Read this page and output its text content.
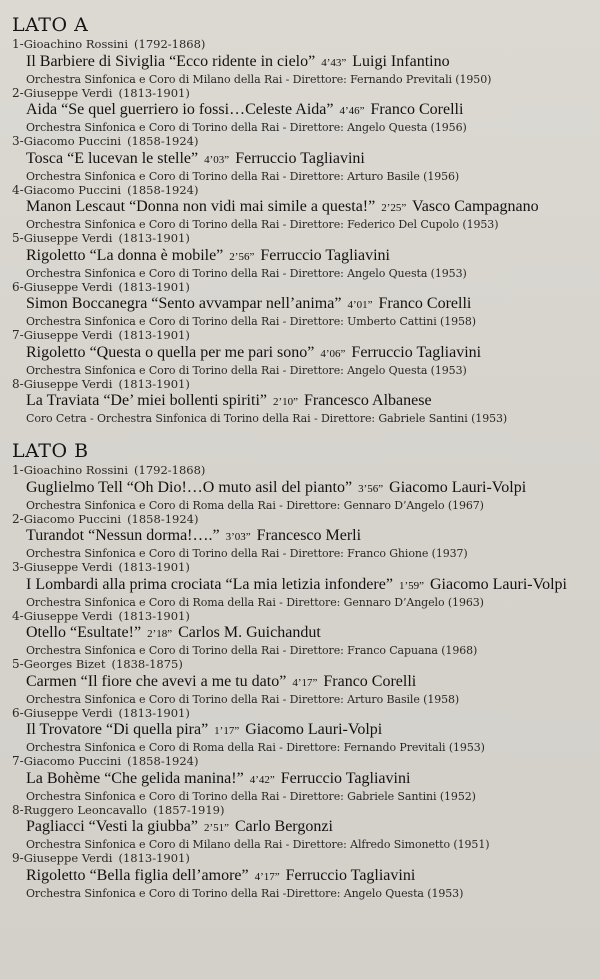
LATO A
1-Gioachino Rossini (1792-1868)
Il Barbiere di Siviglia “Ecco ridente in cielo” 4’43” Luigi Infantino
Orchestra Sinfonica e Coro di Milano della Rai - Direttore: Fernando Previtali (1950)
2-Giuseppe Verdi (1813-1901)
Aida “Se quel guerriero io fossi…Celeste Aida” 4’46” Franco Corelli
Orchestra Sinfonica e Coro di Torino della Rai - Direttore: Angelo Questa (1956)
3-Giacomo Puccini (1858-1924)
Tosca “E lucevan le stelle” 4’03” Ferruccio Tagliavini
Orchestra Sinfonica e Coro di Torino della Rai - Direttore: Arturo Basile (1956)
4-Giacomo Puccini (1858-1924)
Manon Lescaut “Donna non vidi mai simile a questa!” 2’25” Vasco Campagnano
Orchestra Sinfonica e Coro di Torino della Rai - Direttore: Federico Del Cupolo (1953)
5-Giuseppe Verdi (1813-1901)
Rigoletto “La donna è mobile” 2’56” Ferruccio Tagliavini
Orchestra Sinfonica e Coro di Torino della Rai - Direttore: Angelo Questa (1953)
6-Giuseppe Verdi (1813-1901)
Simon Boccanegra “Sento avvampar nell’anima” 4’01” Franco Corelli
Orchestra Sinfonica e Coro di Torino della Rai - Direttore: Umberto Cattini (1958)
7-Giuseppe Verdi (1813-1901)
Rigoletto “Questa o quella per me pari sono” 4’06” Ferruccio Tagliavini
Orchestra Sinfonica e Coro di Torino della Rai - Direttore: Angelo Questa (1953)
8-Giuseppe Verdi (1813-1901)
La Traviata “De’ miei bollenti spiriti” 2’10” Francesco Albanese
Coro Cetra - Orchestra Sinfonica di Torino della Rai - Direttore: Gabriele Santini (1953)
LATO B
1-Gioachino Rossini (1792-1868)
Guglielmo Tell “Oh Dio!…O muto asil del pianto” 3’56” Giacomo Lauri-Volpi
Orchestra Sinfonica e Coro di Roma della Rai - Direttore: Gennaro D’Angelo (1967)
2-Giacomo Puccini (1858-1924)
Turandot “Nessun dorma!….” 3’03” Francesco Merli
Orchestra Sinfonica e Coro di Torino della Rai - Direttore: Franco Ghione (1937)
3-Giuseppe Verdi (1813-1901)
I Lombardi alla prima crociata “La mia letizia infondere” 1’59” Giacomo Lauri-Volpi
Orchestra Sinfonica e Coro di Roma della Rai - Direttore: Gennaro D’Angelo (1963)
4-Giuseppe Verdi (1813-1901)
Otello “Esultate!” 2’18” Carlos M. Guichandut
Orchestra Sinfonica e Coro di Torino della Rai - Direttore: Franco Capuana (1968)
5-Georges Bizet (1838-1875)
Carmen “Il fiore che avevi a me tu dato” 4’17” Franco Corelli
Orchestra Sinfonica e Coro di Torino della Rai - Direttore: Arturo Basile (1958)
6-Giuseppe Verdi (1813-1901)
Il Trovatore “Di quella pira” 1’17” Giacomo Lauri-Volpi
Orchestra Sinfonica e Coro di Roma della Rai - Direttore: Fernando Previtali (1953)
7-Giacomo Puccini (1858-1924)
La Bohème “Che gelida manina!” 4’42” Ferruccio Tagliavini
Orchestra Sinfonica e Coro di Torino della Rai - Direttore: Gabriele Santini (1952)
8-Ruggero Leoncavallo (1857-1919)
Pagliacci “Vesti la giubba” 2’51” Carlo Bergonzi
Orchestra Sinfonica e Coro di Milano della Rai - Direttore: Alfredo Simonetto (1951)
9-Giuseppe Verdi (1813-1901)
Rigoletto “Bella figlia dell’amore” 4’17” Ferruccio Tagliavini
Orchestra Sinfonica e Coro di Torino della Rai -Direttore: Angelo Questa (1953)
